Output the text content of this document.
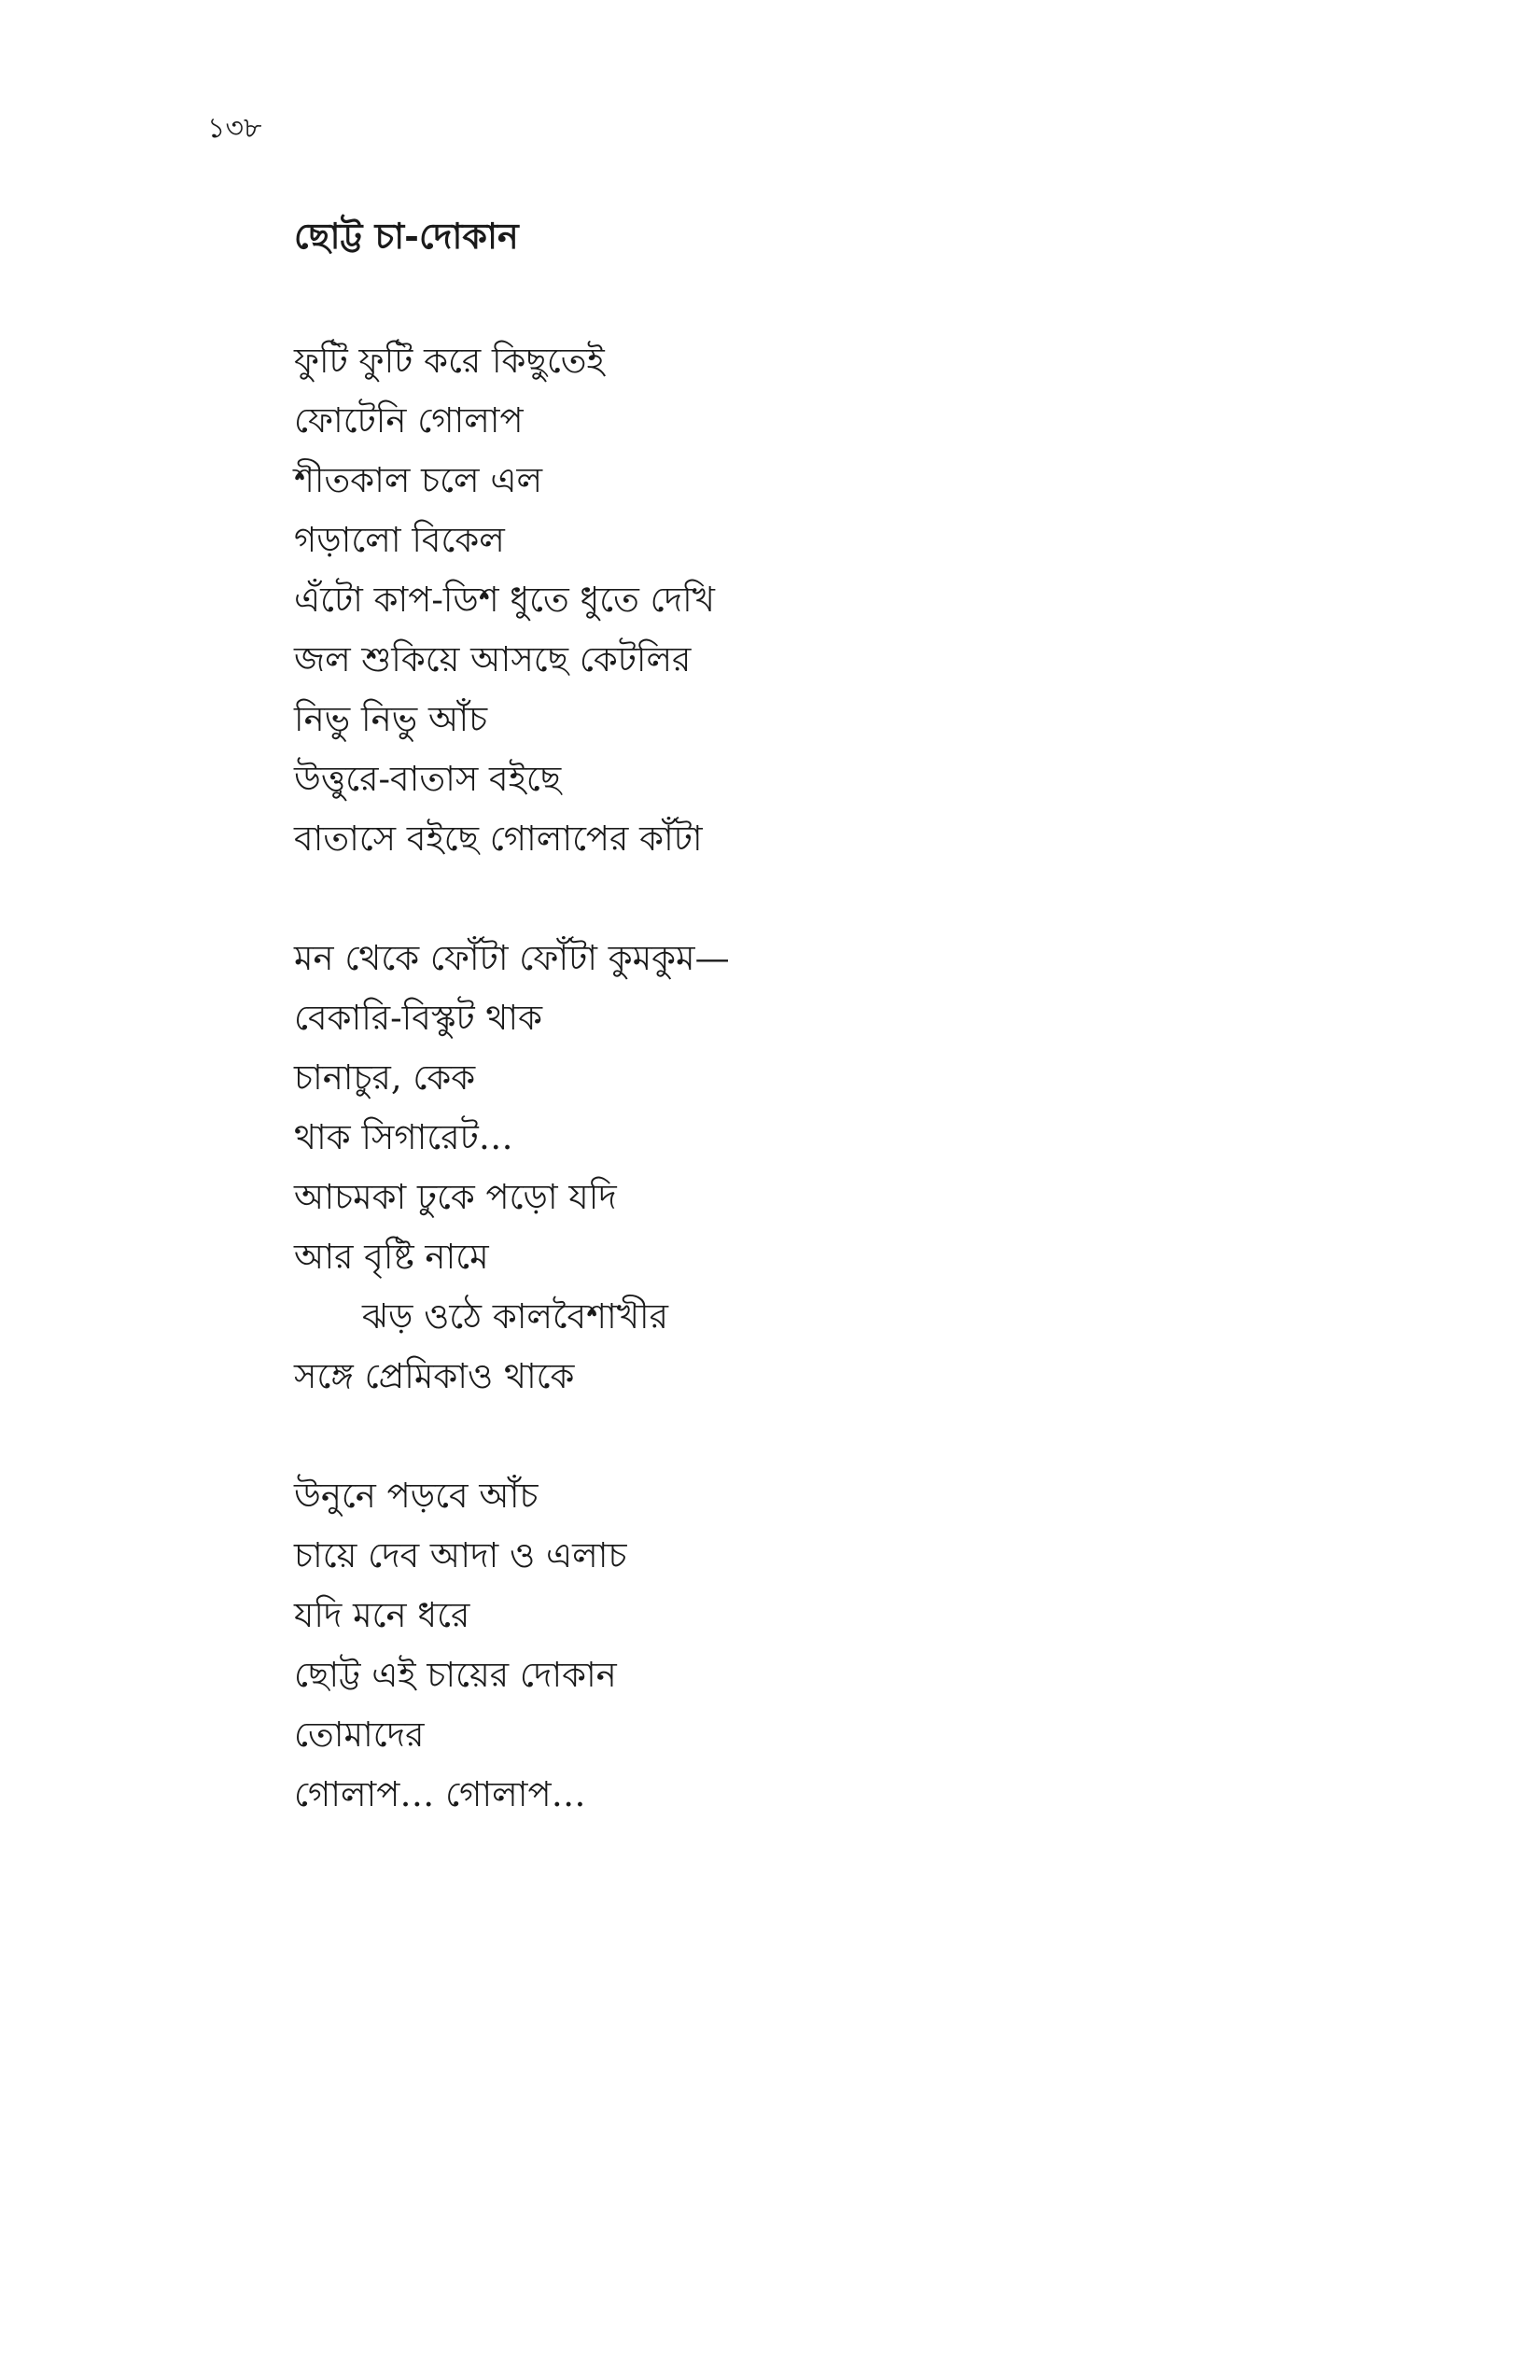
১৩৮
ছোট্ট চা-দোকান
ফুটি ফুটি করে কিছুতেই
ফোটেনি গোলাপ
শীতকাল চলে এল
গড়ালো বিকেল
এঁটো কাপ-ডিশ ধুতে ধুতে দেখি
জল শুকিয়ে আসছে কেটলির
নিভু নিভু আঁচ
উত্তুরে-বাতাস বইছে
বাতাসে বইছে গোলাপের কাঁটা
মন থেকে ফোঁটা ফোঁটা কুমকুম—
বেকারি-বিস্কুট থাক
চানাচুর, কেক
থাক সিগারেট…
আচমকা ঢুকে পড়ো যদি
আর বৃষ্টি নামে
ঝড় ওঠে কালবৈশাখীর
সঙ্গে প্রেমিকাও থাকে
উনুনে পড়বে আঁচ
চায়ে দেব আদা ও এলাচ
যদি মনে ধরে
ছোট্ট এই চায়ের দোকান
তোমাদের
গোলাপ… গোলাপ…
